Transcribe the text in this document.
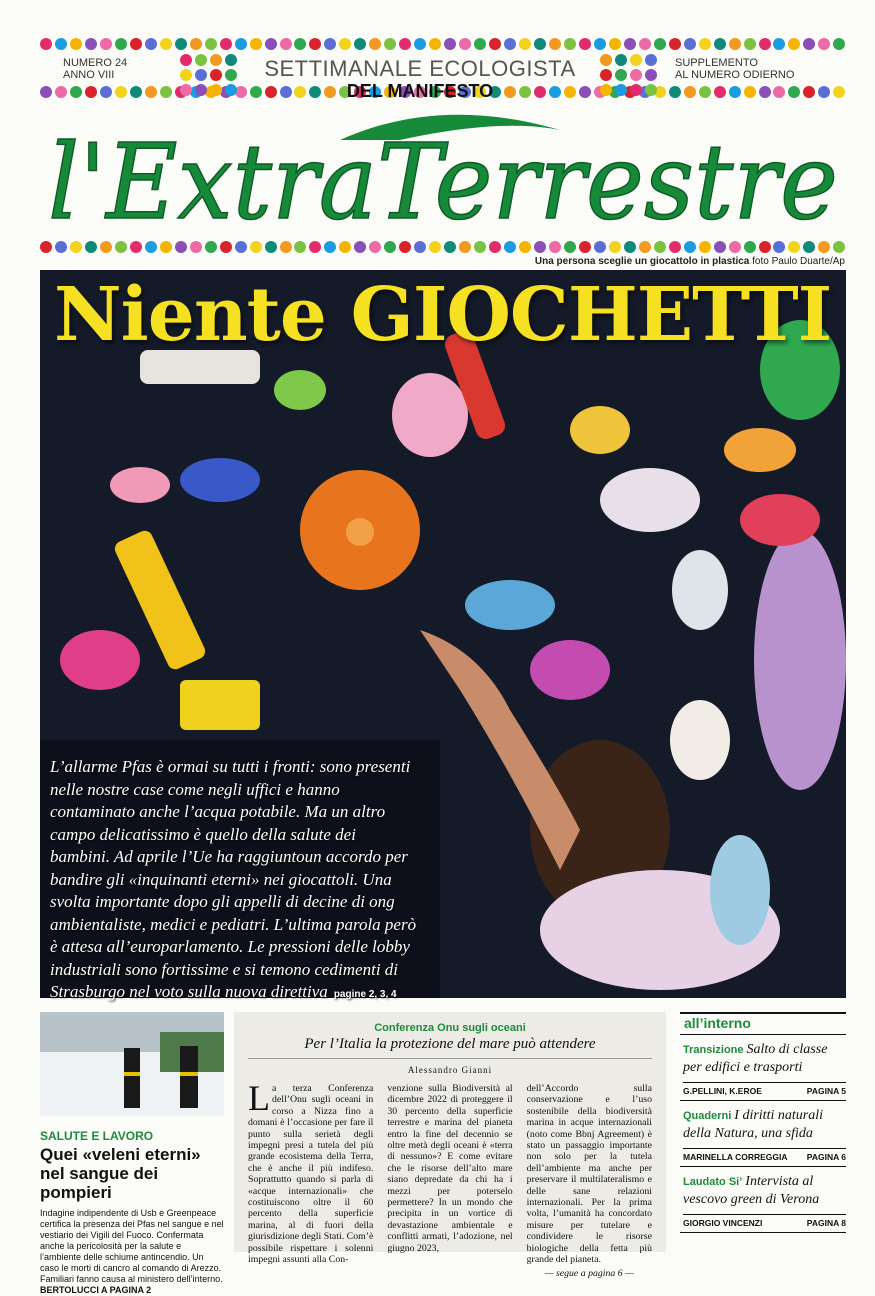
NUMERO 24
ANNO VIII	SETTIMANALE ECOLOGISTA
DEL MANIFESTO
SUPPLEMENTO
AL NUMERO ODIERNO
l'ExtraTerrestre
Una persona sceglie un giocattolo in plastica foto Paulo Duarte/Ap
Niente GIOCHETTI
L’allarme Pfas è ormai su tutti i fronti: sono presenti nelle nostre case come negli uffici e hanno contaminato anche l’acqua potabile. Ma un altro campo delicatissimo è quello della salute dei bambini. Ad aprile l’Ue ha raggiuntoun accordo per bandire gli «inquinanti eterni» nei giocattoli. Una svolta importante dopo gli appelli di decine di ong ambientaliste, medici e pediatri. L’ultima parola però è attesa all’europarlamento. Le pressioni delle lobby industriali sono fortissime e si temono cedimenti di Strasburgo nel voto sulla nuova direttiva pagine 2, 3, 4
SALUTE E LAVORO
Quei «veleni eterni» nel sangue dei pompieri
Indagine indipendente di Usb e Greenpeace certifica la presenza dei Pfas nel sangue e nel vestiario dei Vigili del Fuoco. Confermata anche la pericolosità per la salute e l’ambiente delle schiume antincendio. Un caso le morti di cancro al comando di Arezzo. Familiari fanno causa al ministero dell’interno. BERTOLUCCI A PAGINA 2
Conferenza Onu sugli oceani
Per l’Italia la protezione del mare può attendere
Alessandro Gianni

La terza Conferenza dell’Onu sugli oceani in corso a Nizza fino a domani è l’occasione per fare il punto sulla serietà degli impegni presi a tutela del più grande ecosistema della Terra, che è anche il più indifeso. Soprattutto quando si parla di «acque internazionali» che costituiscono oltre il 60 percento della superficie marina, al di fuori della giurisdizione degli Stati. Com’è possibile rispettare i solenni impegni assunti alla Con-

venzione sulla Biodiversità al dicembre 2022 di proteggere il 30 percento della superficie terrestre e marina del pianeta entro la fine del decennio se oltre metà degli oceani è «terra di nessuno»? E come evitare che le risorse dell’alto mare siano depredate da chi ha i mezzi per poterselo permettere? In un mondo che precipita in un vortice di devastazione ambientale e conflitti armati, l’adozione, nel giugno 2023,

dell’Accordo sulla conservazione e l’uso sostenibile della biodiversità marina in acque internazionali (noto come Bbnj Agreement) è stato un passaggio importante non solo per la tutela dell’ambiente ma anche per preservare il multilateralismo e delle sane relazioni internazionali. Per la prima volta, l’umanità ha concordato misure per tutelare e condividere le risorse biologiche della fetta più grande del pianeta.
— segue a pagina 6 —

all’interno
Transizione Salto di classe per edifici e trasporti
G.PELLINI, K.EROE	PAGINA 5
Quaderni I diritti naturali della Natura, una sfida
MARINELLA CORREGGIA PAGINA 6
Laudato Si’ Intervista al vescovo green di Verona
GIORGIO VINCENZI	PAGINA 8
